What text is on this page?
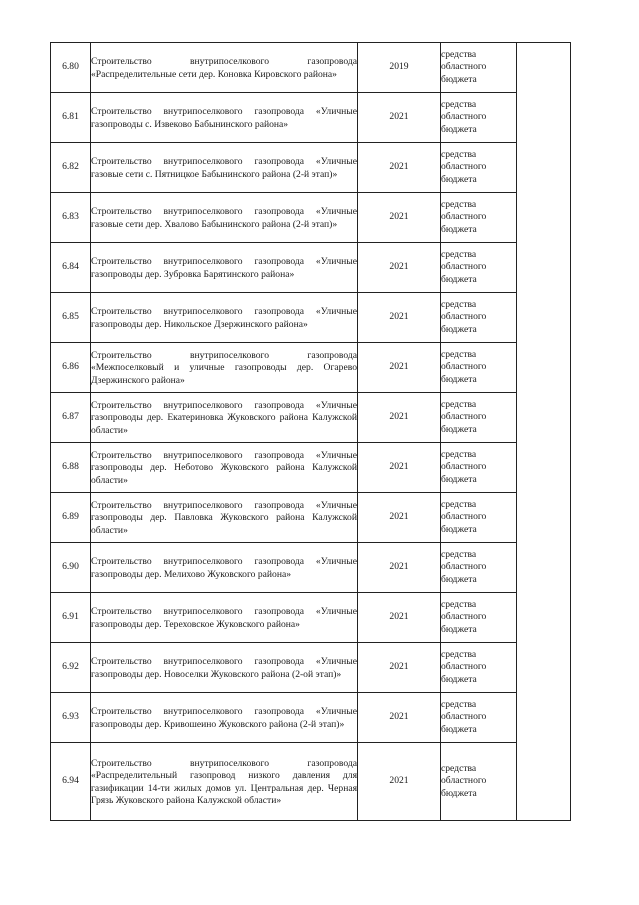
6.80	Строительство внутрипоселкового газопровода «Распределительные сети дер. Коновка Кировского района»	2019	средства областного бюджета	
6.81	Строительство внутрипоселкового газопровода «Уличные газопроводы с. Извеково Бабынинского района»	2021	средства областного бюджета	
6.82	Строительство внутрипоселкового газопровода «Уличные газовые сети с. Пятницкое Бабынинского района (2-й этап)»	2021	средства областного бюджета	
6.83	Строительство внутрипоселкового газопровода «Уличные газовые сети дер. Хвалово Бабынинского района (2-й этап)»	2021	средства областного бюджета	
6.84	Строительство внутрипоселкового газопровода «Уличные газопроводы дер. Зубровка Барятинского района»	2021	средства областного бюджета	
6.85	Строительство внутрипоселкового газопровода «Уличные газопроводы дер. Никольское Дзержинского района»	2021	средства областного бюджета	
6.86	Строительство внутрипоселкового газопровода «Межпоселковый и уличные газопроводы дер. Огарево Дзержинского района»	2021	средства областного бюджета	
6.87	Строительство внутрипоселкового газопровода «Уличные газопроводы дер. Екатериновка Жуковского района Калужской области»	2021	средства областного бюджета	
6.88	Строительство внутрипоселкового газопровода «Уличные газопроводы дер. Неботово Жуковского района Калужской области»	2021	средства областного бюджета	
6.89	Строительство внутрипоселкового газопровода «Уличные газопроводы дер. Павловка Жуковского района Калужской области»	2021	средства областного бюджета	
6.90	Строительство внутрипоселкового газопровода «Уличные газопроводы дер. Мелихово Жуковского района»	2021	средства областного бюджета	
6.91	Строительство внутрипоселкового газопровода «Уличные газопроводы дер. Тереховское Жуковского района»	2021	средства областного бюджета	
6.92	Строительство внутрипоселкового газопровода «Уличные газопроводы дер. Новоселки Жуковского района (2-ой этап)»	2021	средства областного бюджета	
6.93	Строительство внутрипоселкового газопровода «Уличные газопроводы дер. Кривошеино Жуковского района (2-й этап)»	2021	средства областного бюджета	
6.94	Строительство внутрипоселкового газопровода «Распределительный газопровод низкого давления для газификации 14-ти жилых домов ул. Центральная дер. Черная Грязь Жуковского района Калужской области»	2021	средства областного бюджета	
